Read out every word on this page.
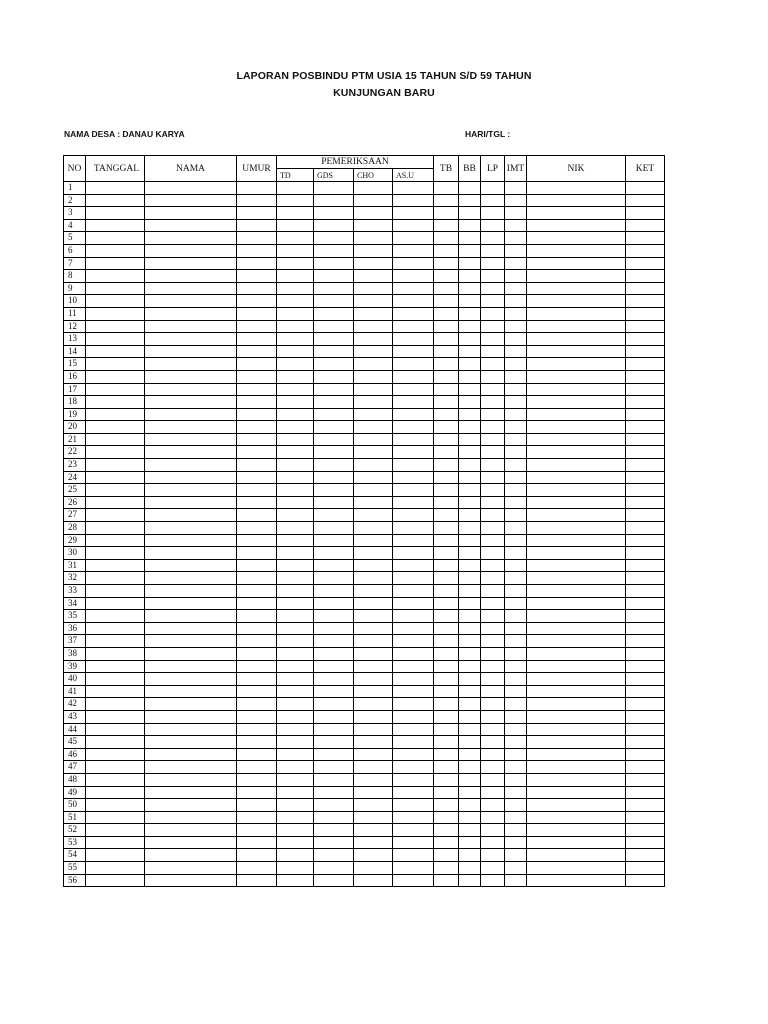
LAPORAN POSBINDU PTM USIA 15 TAHUN S/D 59 TAHUN
KUNJUNGAN BARU
NAMA DESA : DANAU KARYA	HARI/TGL :
NO	TANGGAL	NAMA	UMUR	PEMERIKSAAN				TB	BB	LP	IMT	NIK	KET
				TD	GDS	CHO	AS.U						
1													
2													
3													
4													
5													
6													
7													
8													
9													
10													
11													
12													
13													
14													
15													
16													
17													
18													
19													
20													
21													
22													
23													
24													
25													
26													
27													
28													
29													
30													
31													
32													
33													
34													
35													
36													
37													
38													
39													
40													
41													
42													
43													
44													
45													
46													
47													
48													
49													
50													
51													
52													
53													
54													
55													
56													
